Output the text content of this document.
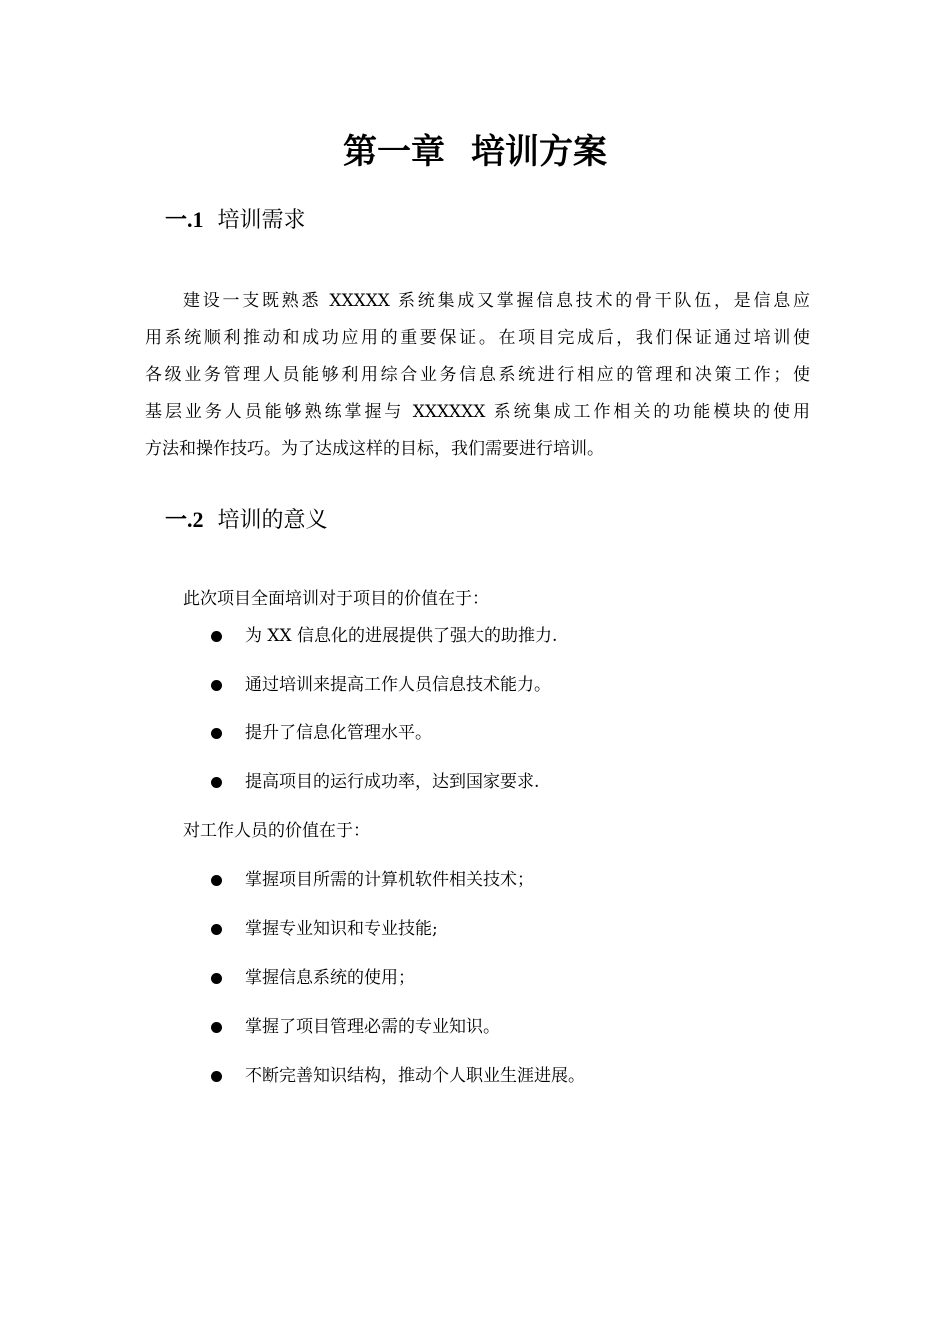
第一章 培训方案
一.1 培训需求
建设一支既熟悉 XXXXX 系统集成又掌握信息技术的骨干队伍，是信息应
用系统顺利推动和成功应用的重要保证。在项目完成后，我们保证通过培训使
各级业务管理人员能够利用综合业务信息系统进行相应的管理和决策工作；使
基层业务人员能够熟练掌握与 XXXXXX 系统集成工作相关的功能模块的使用
方法和操作技巧。为了达成这样的目标，我们需要进行培训。
一.2 培训的意义
此次项目全面培训对于项目的价值在于：
为 XX 信息化的进展提供了强大的助推力.
通过培训来提高工作人员信息技术能力。
提升了信息化管理水平。
提高项目的运行成功率，达到国家要求.
对工作人员的价值在于：
掌握项目所需的计算机软件相关技术；
掌握专业知识和专业技能;
掌握信息系统的使用；
掌握了项目管理必需的专业知识。
不断完善知识结构，推动个人职业生涯进展。
